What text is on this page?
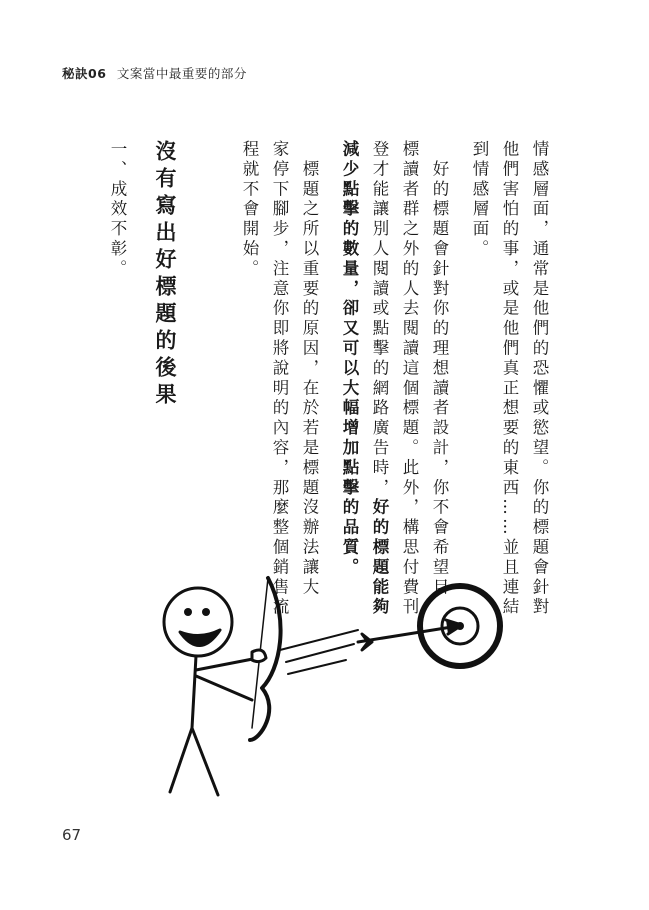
秘訣06 文案當中最重要的部分
情感層面，通常是他們的恐懼或慾望。你的標題會針對
他們害怕的事，或是他們真正想要的東西……並且連結
到情感層面。
　好的標題會針對你的理想讀者設計，你不會希望目
標讀者群之外的人去閱讀這個標題。此外，構思付費刊
登才能讓別人閱讀或點擊的網路廣告時，好的標題能夠
減少點擊的數量，卻又可以大幅增加點擊的品質。
　標題之所以重要的原因，在於若是標題沒辦法讓大
家停下腳步，注意你即將說明的內容，那麼整個銷售流
程就不會開始。
沒有寫出好標題的後果
一、成效不彰。
67
